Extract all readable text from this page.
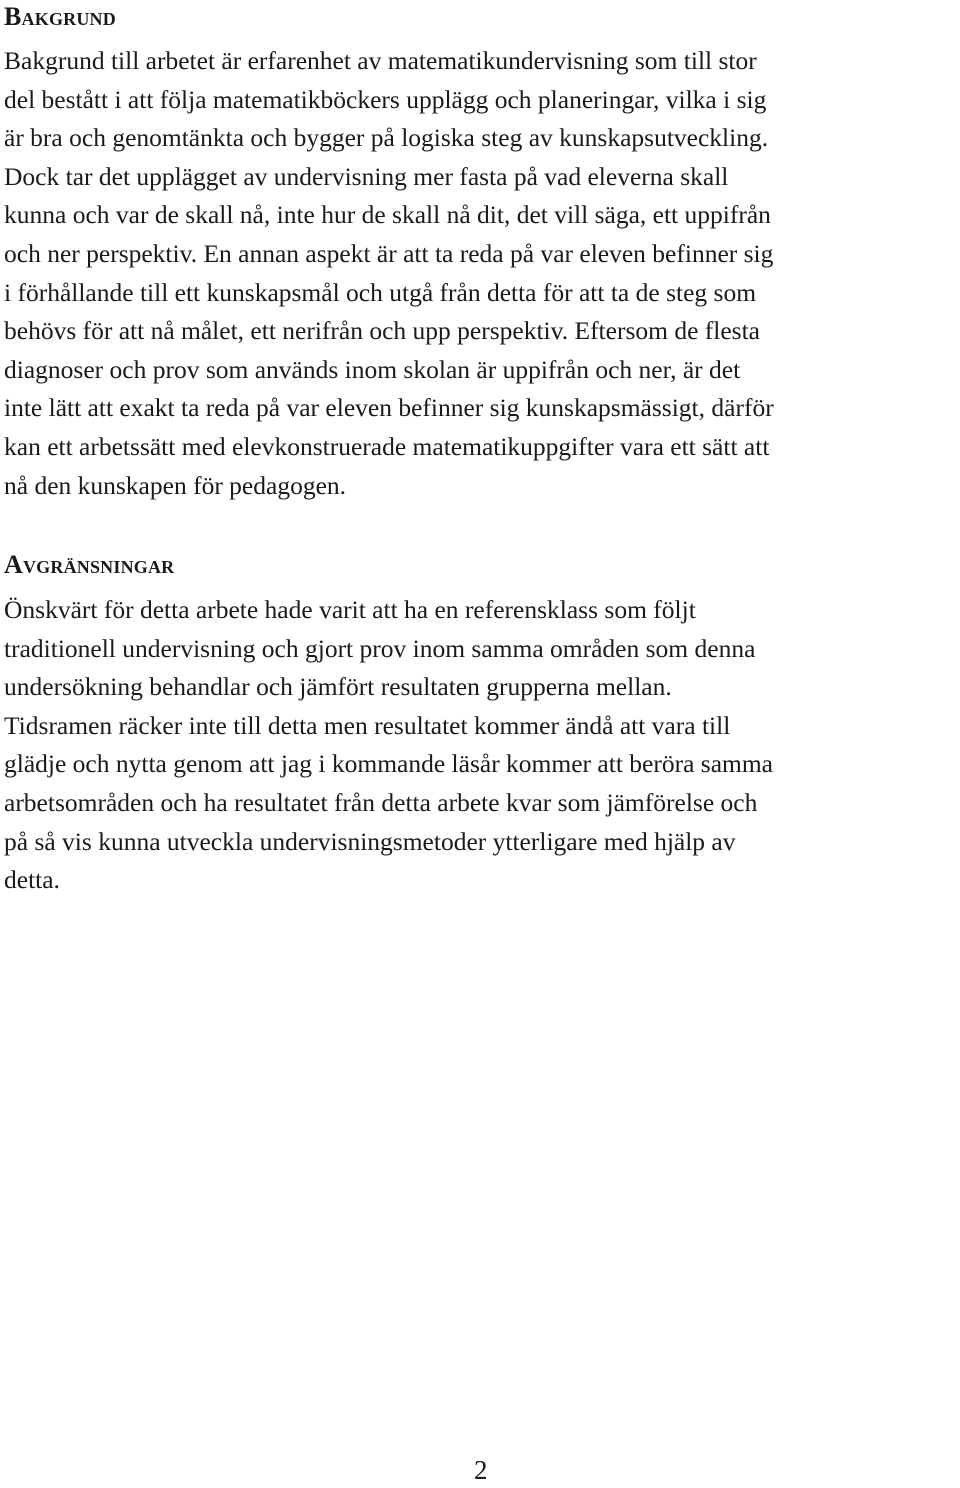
Bakgrund

Bakgrund till arbetet är erfarenhet av matematikundervisning som till stor
del bestått i att följa matematikböckers upplägg och planeringar, vilka i sig
är bra och genomtänkta och bygger på logiska steg av kunskapsutveckling.
Dock tar det upplägget av undervisning mer fasta på vad eleverna skall
kunna och var de skall nå, inte hur de skall nå dit, det vill säga, ett uppifrån
och ner perspektiv. En annan aspekt är att ta reda på var eleven befinner sig
i förhållande till ett kunskapsmål och utgå från detta för att ta de steg som
behövs för att nå målet, ett nerifrån och upp perspektiv. Eftersom de flesta
diagnoser och prov som används inom skolan är uppifrån och ner, är det
inte lätt att exakt ta reda på var eleven befinner sig kunskapsmässigt, därför
kan ett arbetssätt med elevkonstruerade matematikuppgifter vara ett sätt att
nå den kunskapen för pedagogen.

Avgränsningar

Önskvärt för detta arbete hade varit att ha en referensklass som följt
traditionell undervisning och gjort prov inom samma områden som denna
undersökning behandlar och jämfört resultaten grupperna mellan.
Tidsramen räcker inte till detta men resultatet kommer ändå att vara till
glädje och nytta genom att jag i kommande läsår kommer att beröra samma
arbetsområden och ha resultatet från detta arbete kvar som jämförelse och
på så vis kunna utveckla undervisningsmetoder ytterligare med hjälp av
detta.

2
